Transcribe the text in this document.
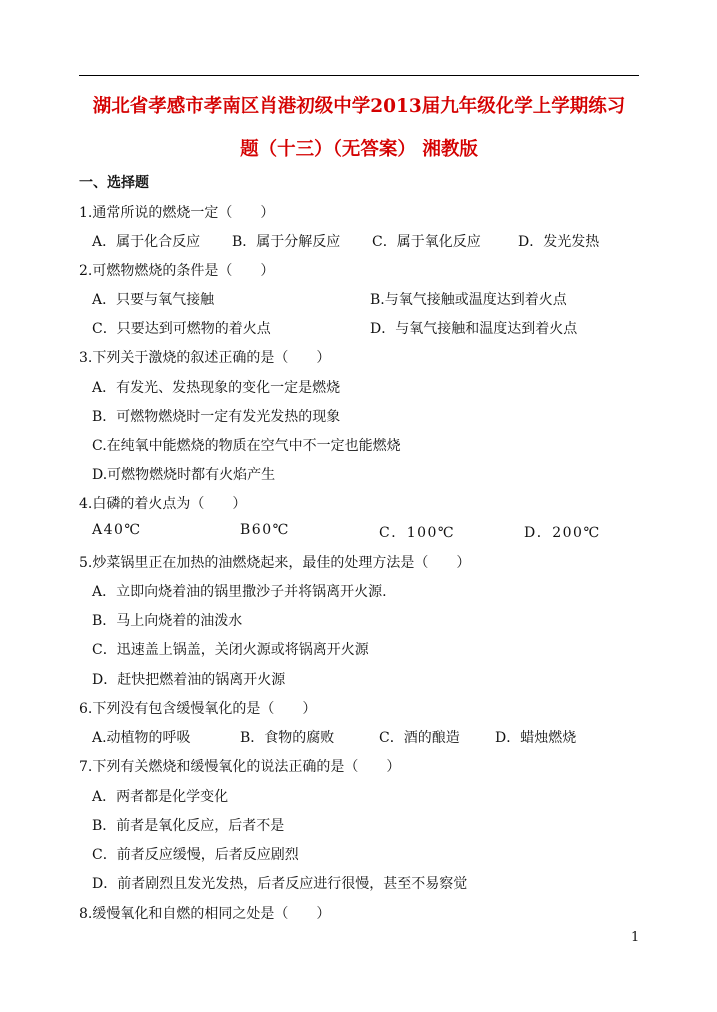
湖北省孝感市孝南区肖港初级中学2013届九年级化学上学期练习
题（十三）（无答案） 湘教版
一、选择题
1.通常所说的燃烧一定（　　）
A．属于化合反应 B．属于分解反应 C．属于氧化反应	D．发光发热
2.可燃物燃烧的条件是（　　）
A．只要与氧气接触	B.与氧气接触或温度达到着火点
C．只要达到可燃物的着火点	D．与氧气接触和温度达到着火点
3.下列关于激烧的叙述正确的是（　　）
A．有发光、发热现象的变化一定是燃烧
B．可燃物燃烧时一定有发光发热的现象
C.在纯氧中能燃烧的物质在空气中不一定也能燃烧
D.可燃物燃烧时都有火焰产生
4.白磷的着火点为（　　）
A40℃	B60℃	C．100℃	D．200℃
5.炒菜锅里正在加热的油燃烧起来，最佳的处理方法是（　　）
A．立即向烧着油的锅里撒沙子并将锅离开火源.
B．马上向烧着的油泼水
C．迅速盖上锅盖，关闭火源或将锅离开火源
D．赶快把燃着油的锅离开火源
6.下列没有包含缓慢氧化的是（　　）
A.动植物的呼吸	B．食物的腐败	C．酒的酿造	D．蜡烛燃烧
7.下列有关燃烧和缓慢氧化的说法正确的是（　　）
A．两者都是化学变化
B．前者是氧化反应，后者不是
C．前者反应缓慢，后者反应剧烈
D．前者剧烈且发光发热，后者反应进行很慢，甚至不易察觉
8.缓慢氧化和自燃的相同之处是（　　）
1
